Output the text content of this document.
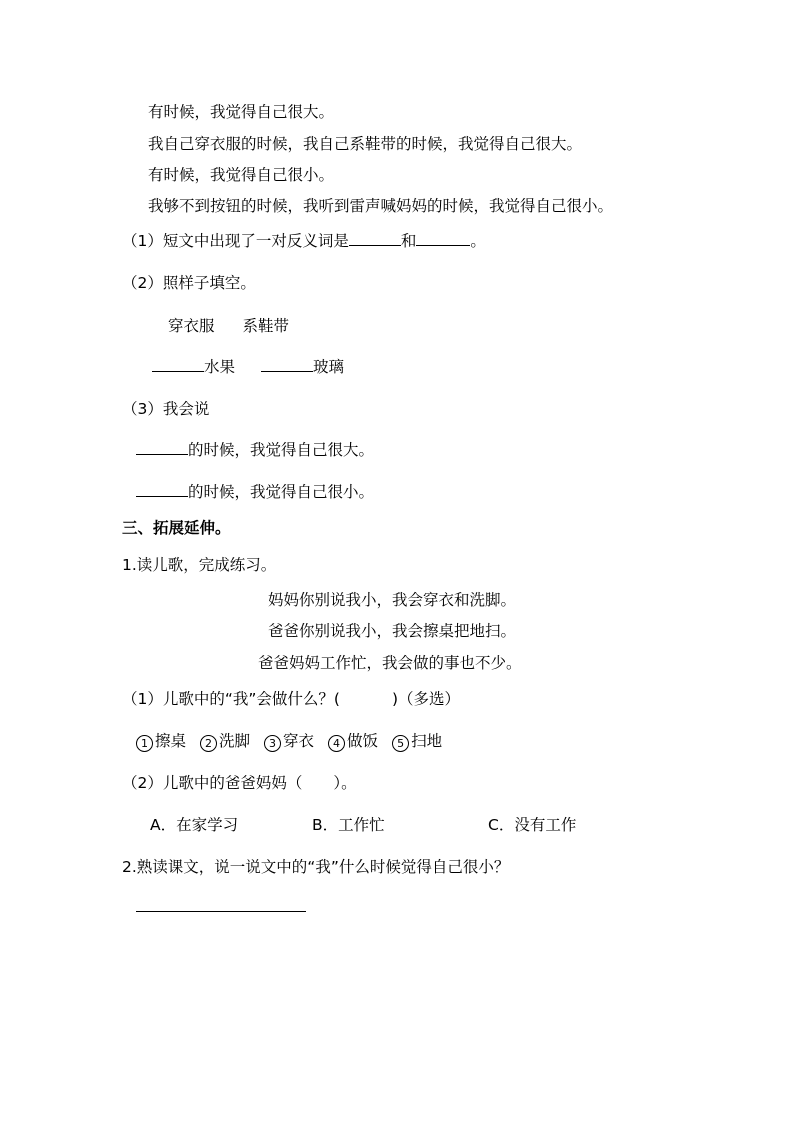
有时候，我觉得自己很大。
我自己穿衣服的时候，我自己系鞋带的时候，我觉得自己很大。
有时候，我觉得自己很小。
我够不到按钮的时候，我听到雷声喊妈妈的时候，我觉得自己很小。
（1）短文中出现了一对反义词是	和	。
（2）照样子填空。
穿衣服 系鞋带
水果	玻璃
（3）我会说
的时候，我觉得自己很大。
的时候，我觉得自己很小。
三、拓展延伸。
1.读儿歌，完成练习。
妈妈你别说我小，我会穿衣和洗脚。
爸爸你别说我小，我会擦桌把地扫。
爸爸妈妈工作忙，我会做的事也不少。
（1）儿歌中的“我”会做什么？(	)（多选）
1 擦桌 2 洗脚 3 穿衣 4 做饭 5 扫地
（2）儿歌中的爸爸妈妈（　　）。
A．在家学习	B．工作忙	C．没有工作
2.熟读课文，说一说文中的“我”什么时候觉得自己很小？
